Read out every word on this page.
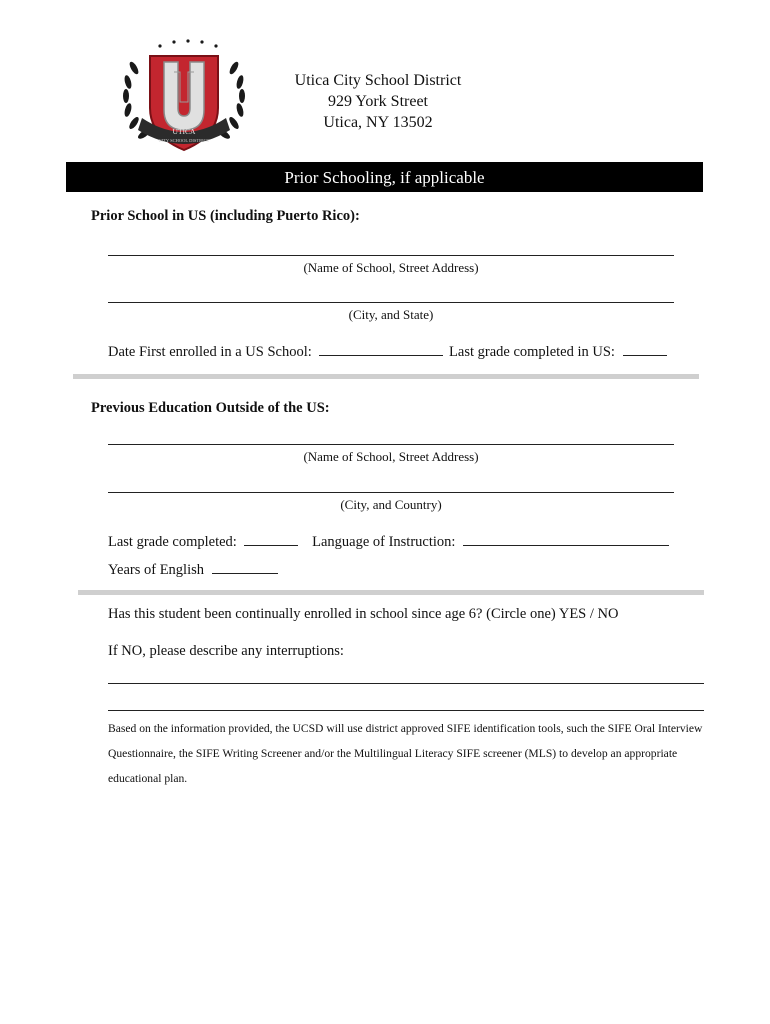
UTICA
CITY SCHOOL DISTRICT
Utica City School District
929 York Street
Utica, NY 13502
Prior Schooling, if applicable
Prior School in US (including Puerto Rico):
(Name of School, Street Address)
(City, and State)
Date First enrolled in a US School:	Last grade completed in US:
Previous Education Outside of the US:
(Name of School, Street Address)
(City, and Country)
Last grade completed:	Language of Instruction:
Years of English
Has this student been continually enrolled in school since age 6? (Circle one) YES / NO
If NO, please describe any interruptions:
Based on the information provided, the UCSD will use district approved SIFE identification tools, such the SIFE Oral Interview Questionnaire, the SIFE Writing Screener and/or the Multilingual Literacy SIFE screener (MLS) to develop an appropriate educational plan.
